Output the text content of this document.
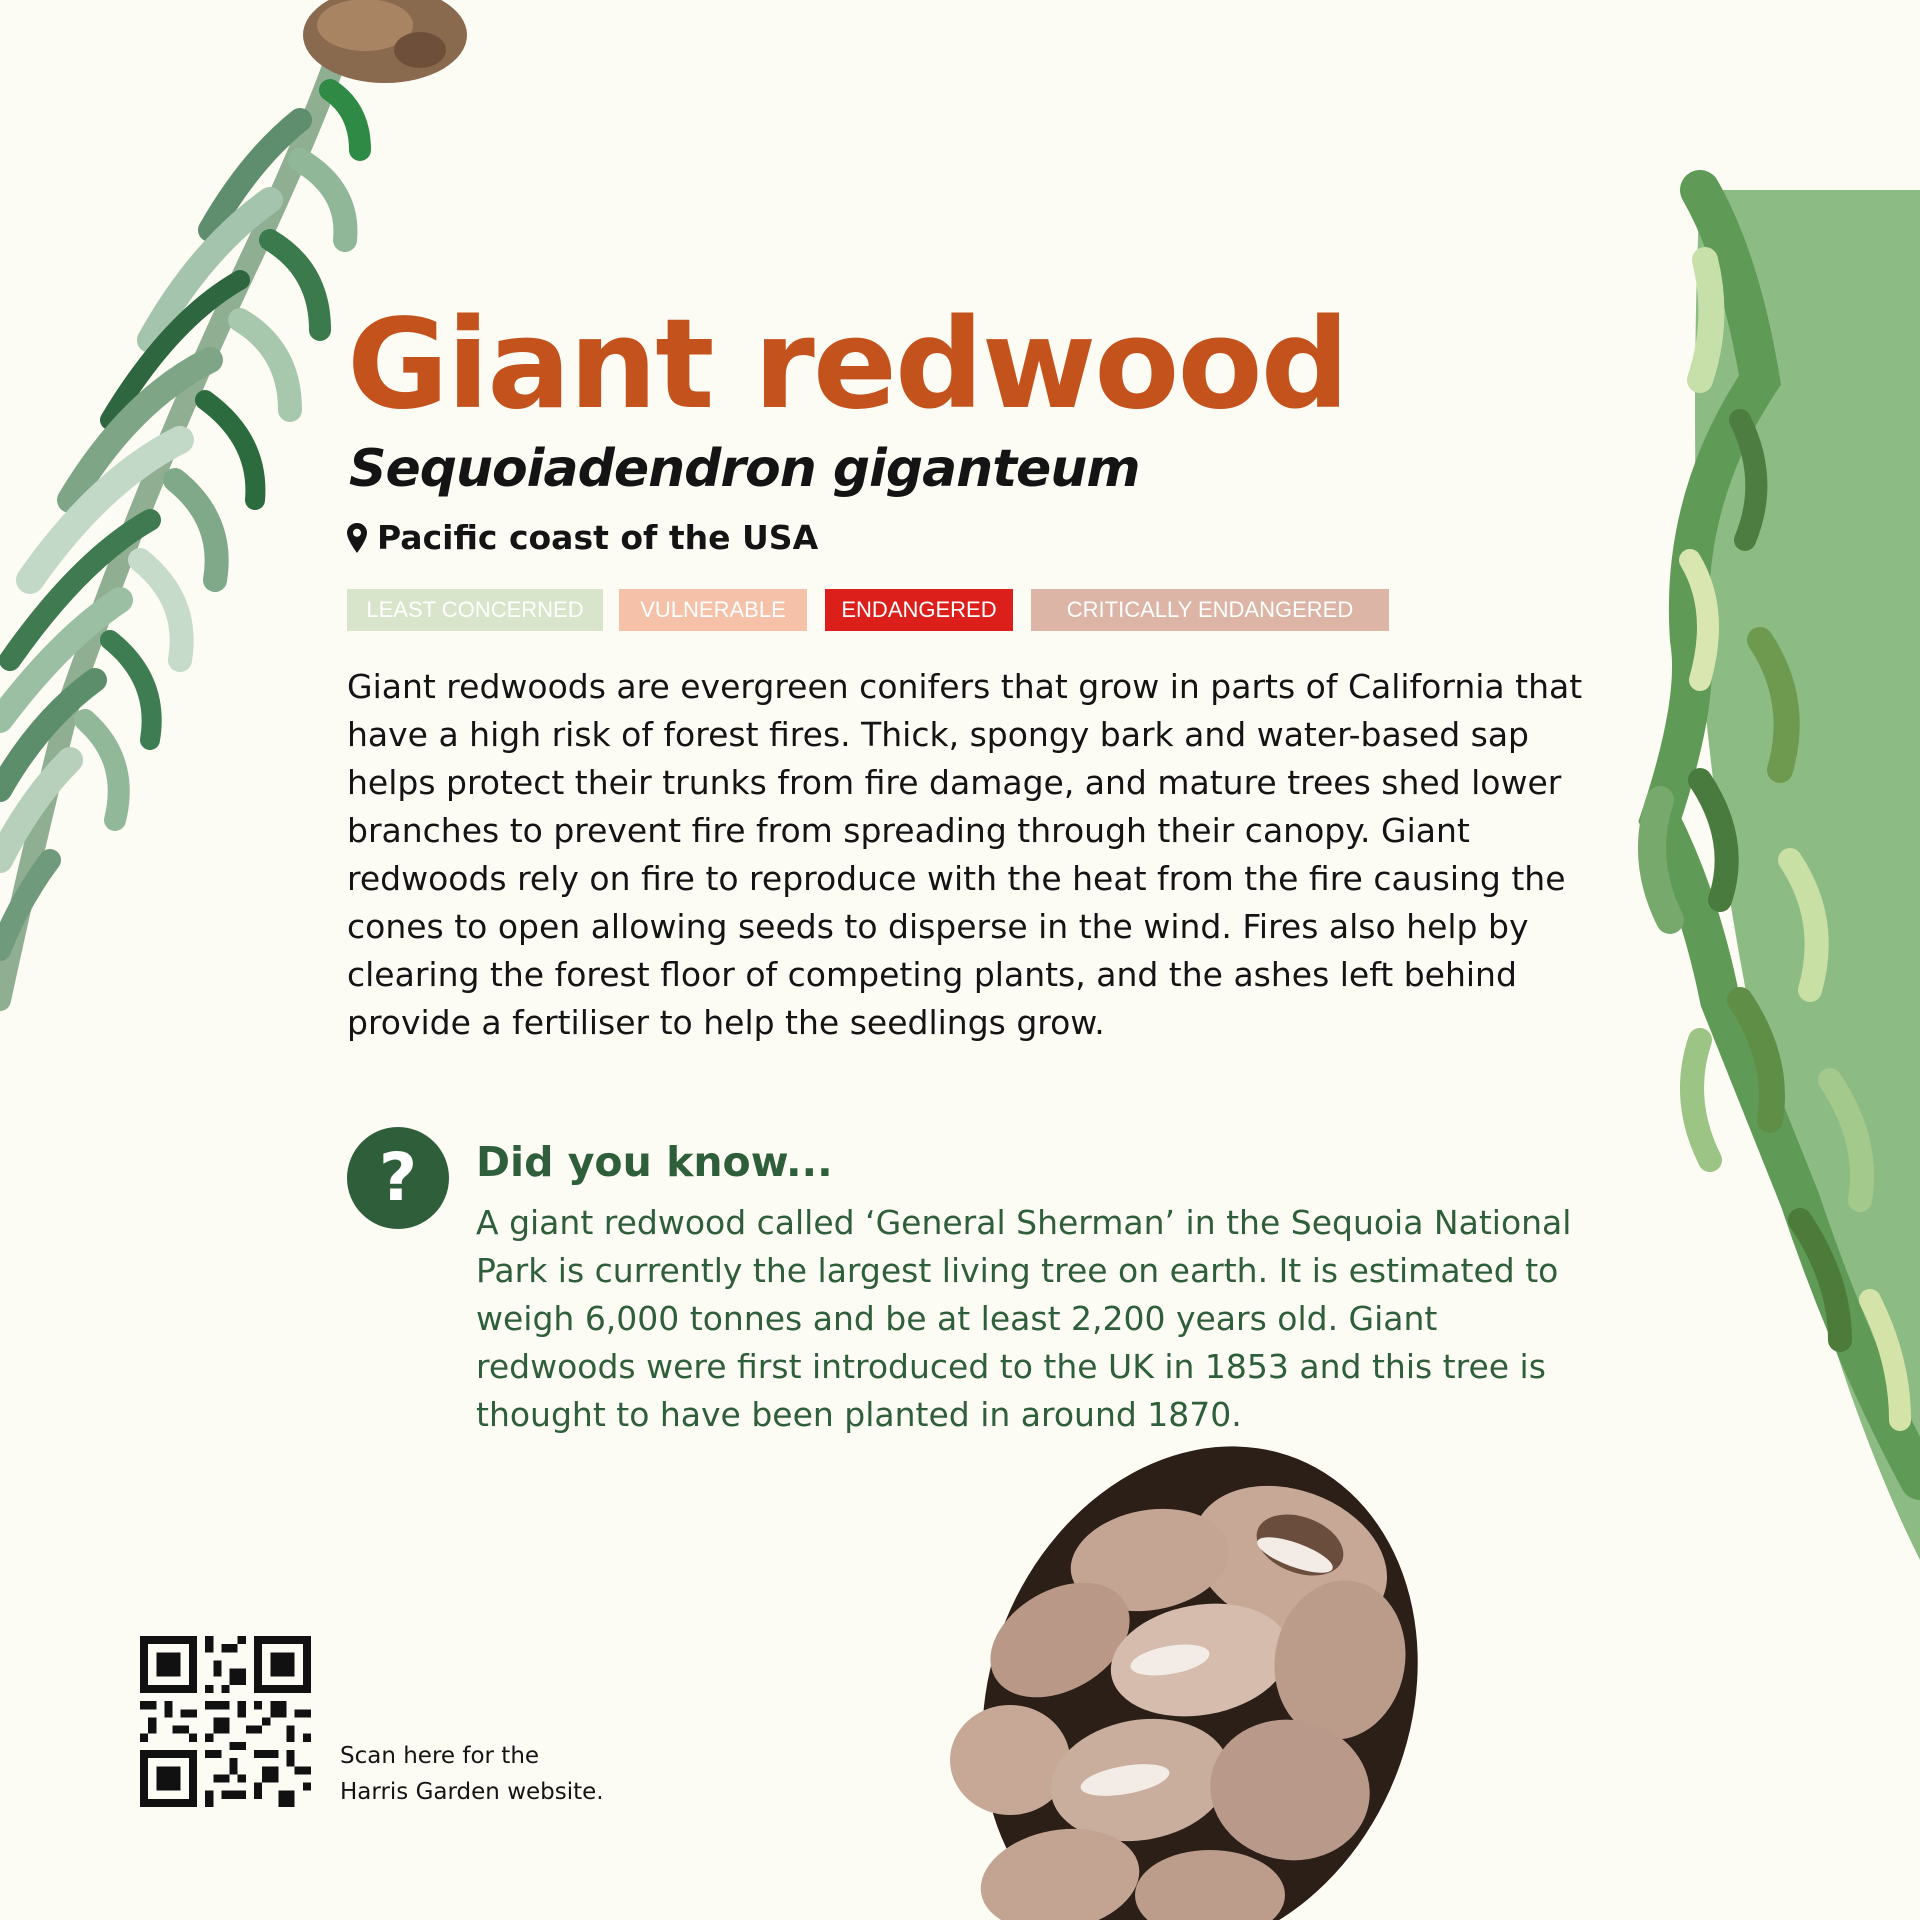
Giant redwood
Sequoiadendron giganteum
Pacific coast of the USA
LEAST CONCERNED	VULNERABLE	ENDANGERED	CRITICALLY ENDANGERED

Giant redwoods are evergreen conifers that grow in parts of California that have a high risk of forest fires. Thick, spongy bark and water-based sap helps protect their trunks from fire damage, and mature trees shed lower branches to prevent fire from spreading through their canopy. Giant redwoods rely on fire to reproduce with the heat from the fire causing the cones to open allowing seeds to disperse in the wind. Fires also help by clearing the forest floor of competing plants, and the ashes left behind provide a fertiliser to help the seedlings grow.

? Did you know...

A giant redwood called ‘General Sherman’ in the Sequoia National Park is currently the largest living tree on earth. It is estimated to weigh 6,000 tonnes and be at least 2,200 years old. Giant redwoods were first introduced to the UK in 1853 and this tree is thought to have been planted in around 1870.

Scan here for the
Harris Garden website.
